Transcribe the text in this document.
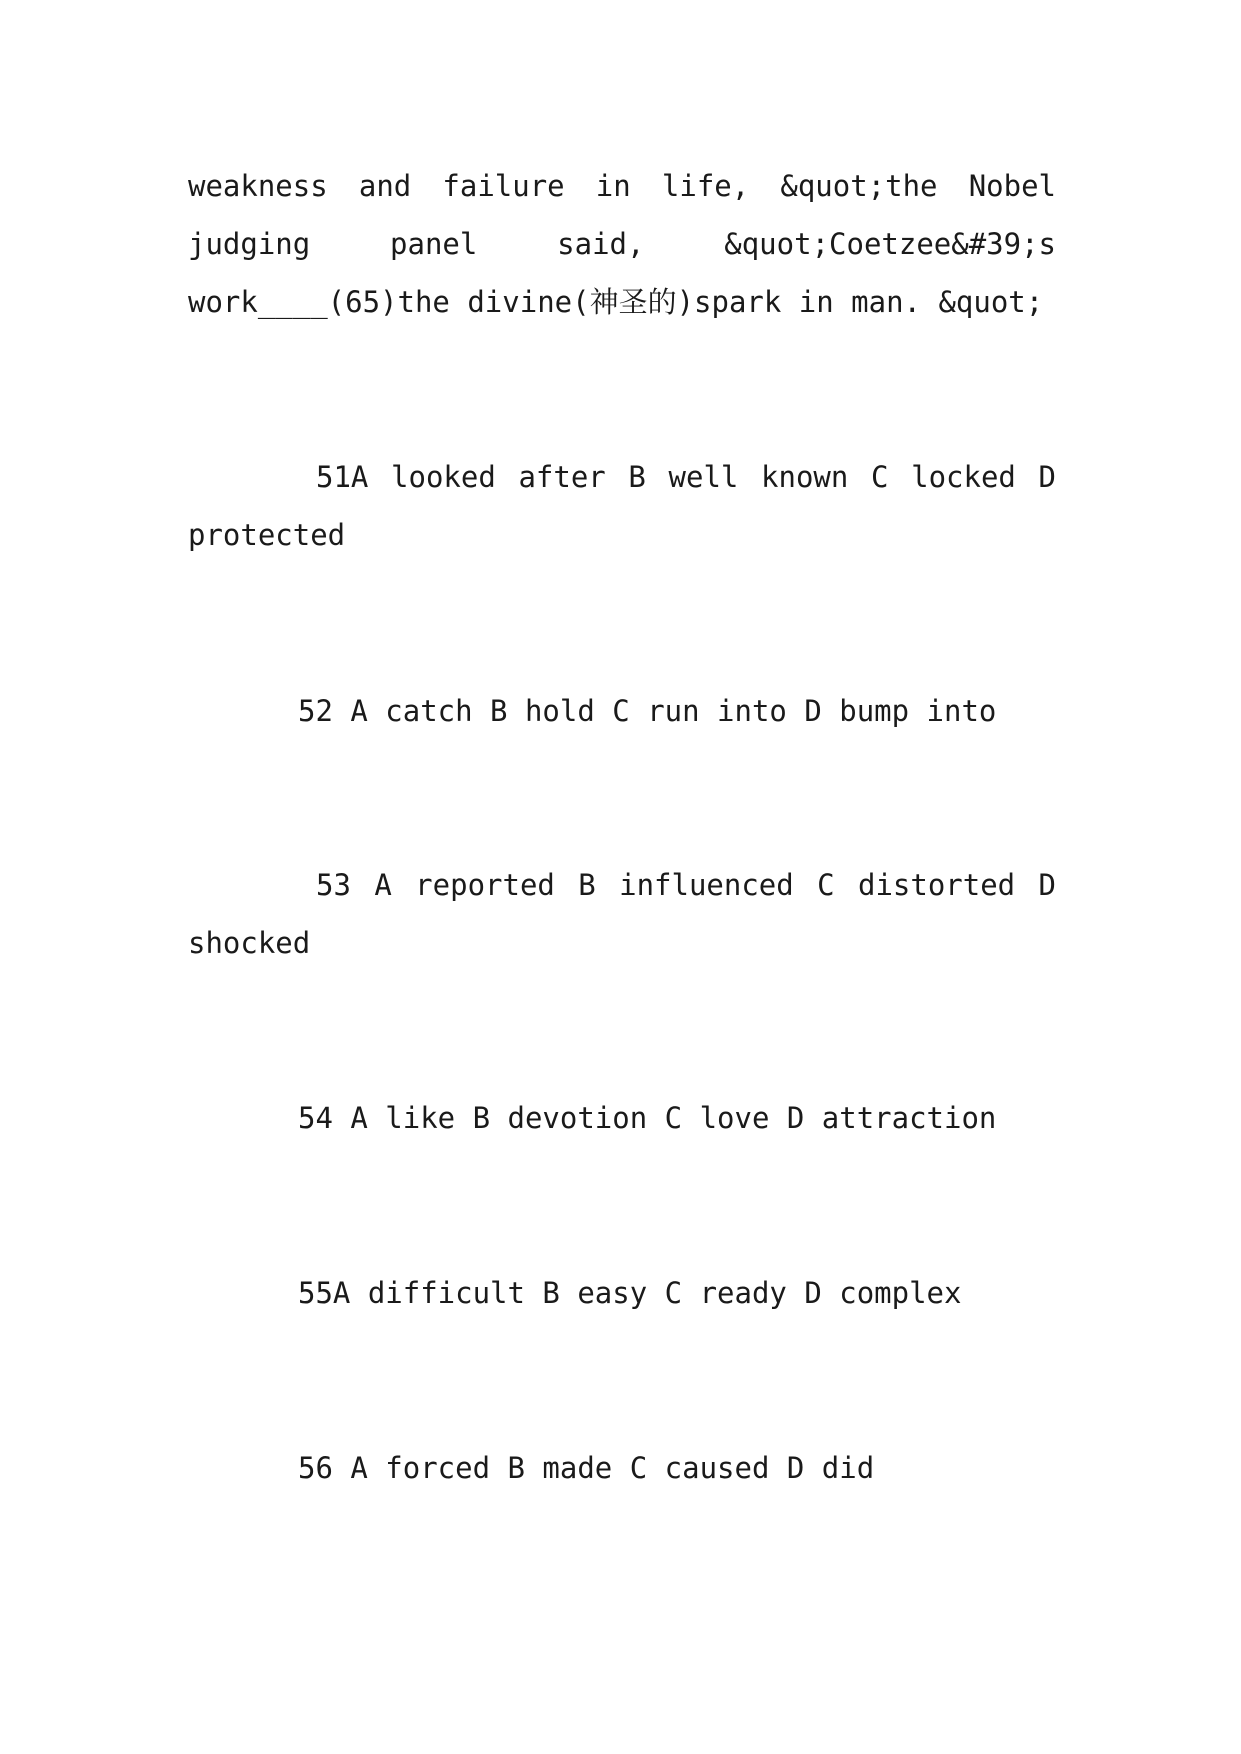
weakness and failure in life, &quot;the Nobel
judging panel said, &quot;Coetzee&#39;s
work____(65)the divine(神圣的)spark in man. &quot;
51A looked after B well known C locked D
protected
52 A catch B hold C run into D bump into
53 A reported B influenced C distorted D
shocked
54 A like B devotion C love D attraction
55A difficult B easy C ready D complex
56 A forced B made C caused D did
